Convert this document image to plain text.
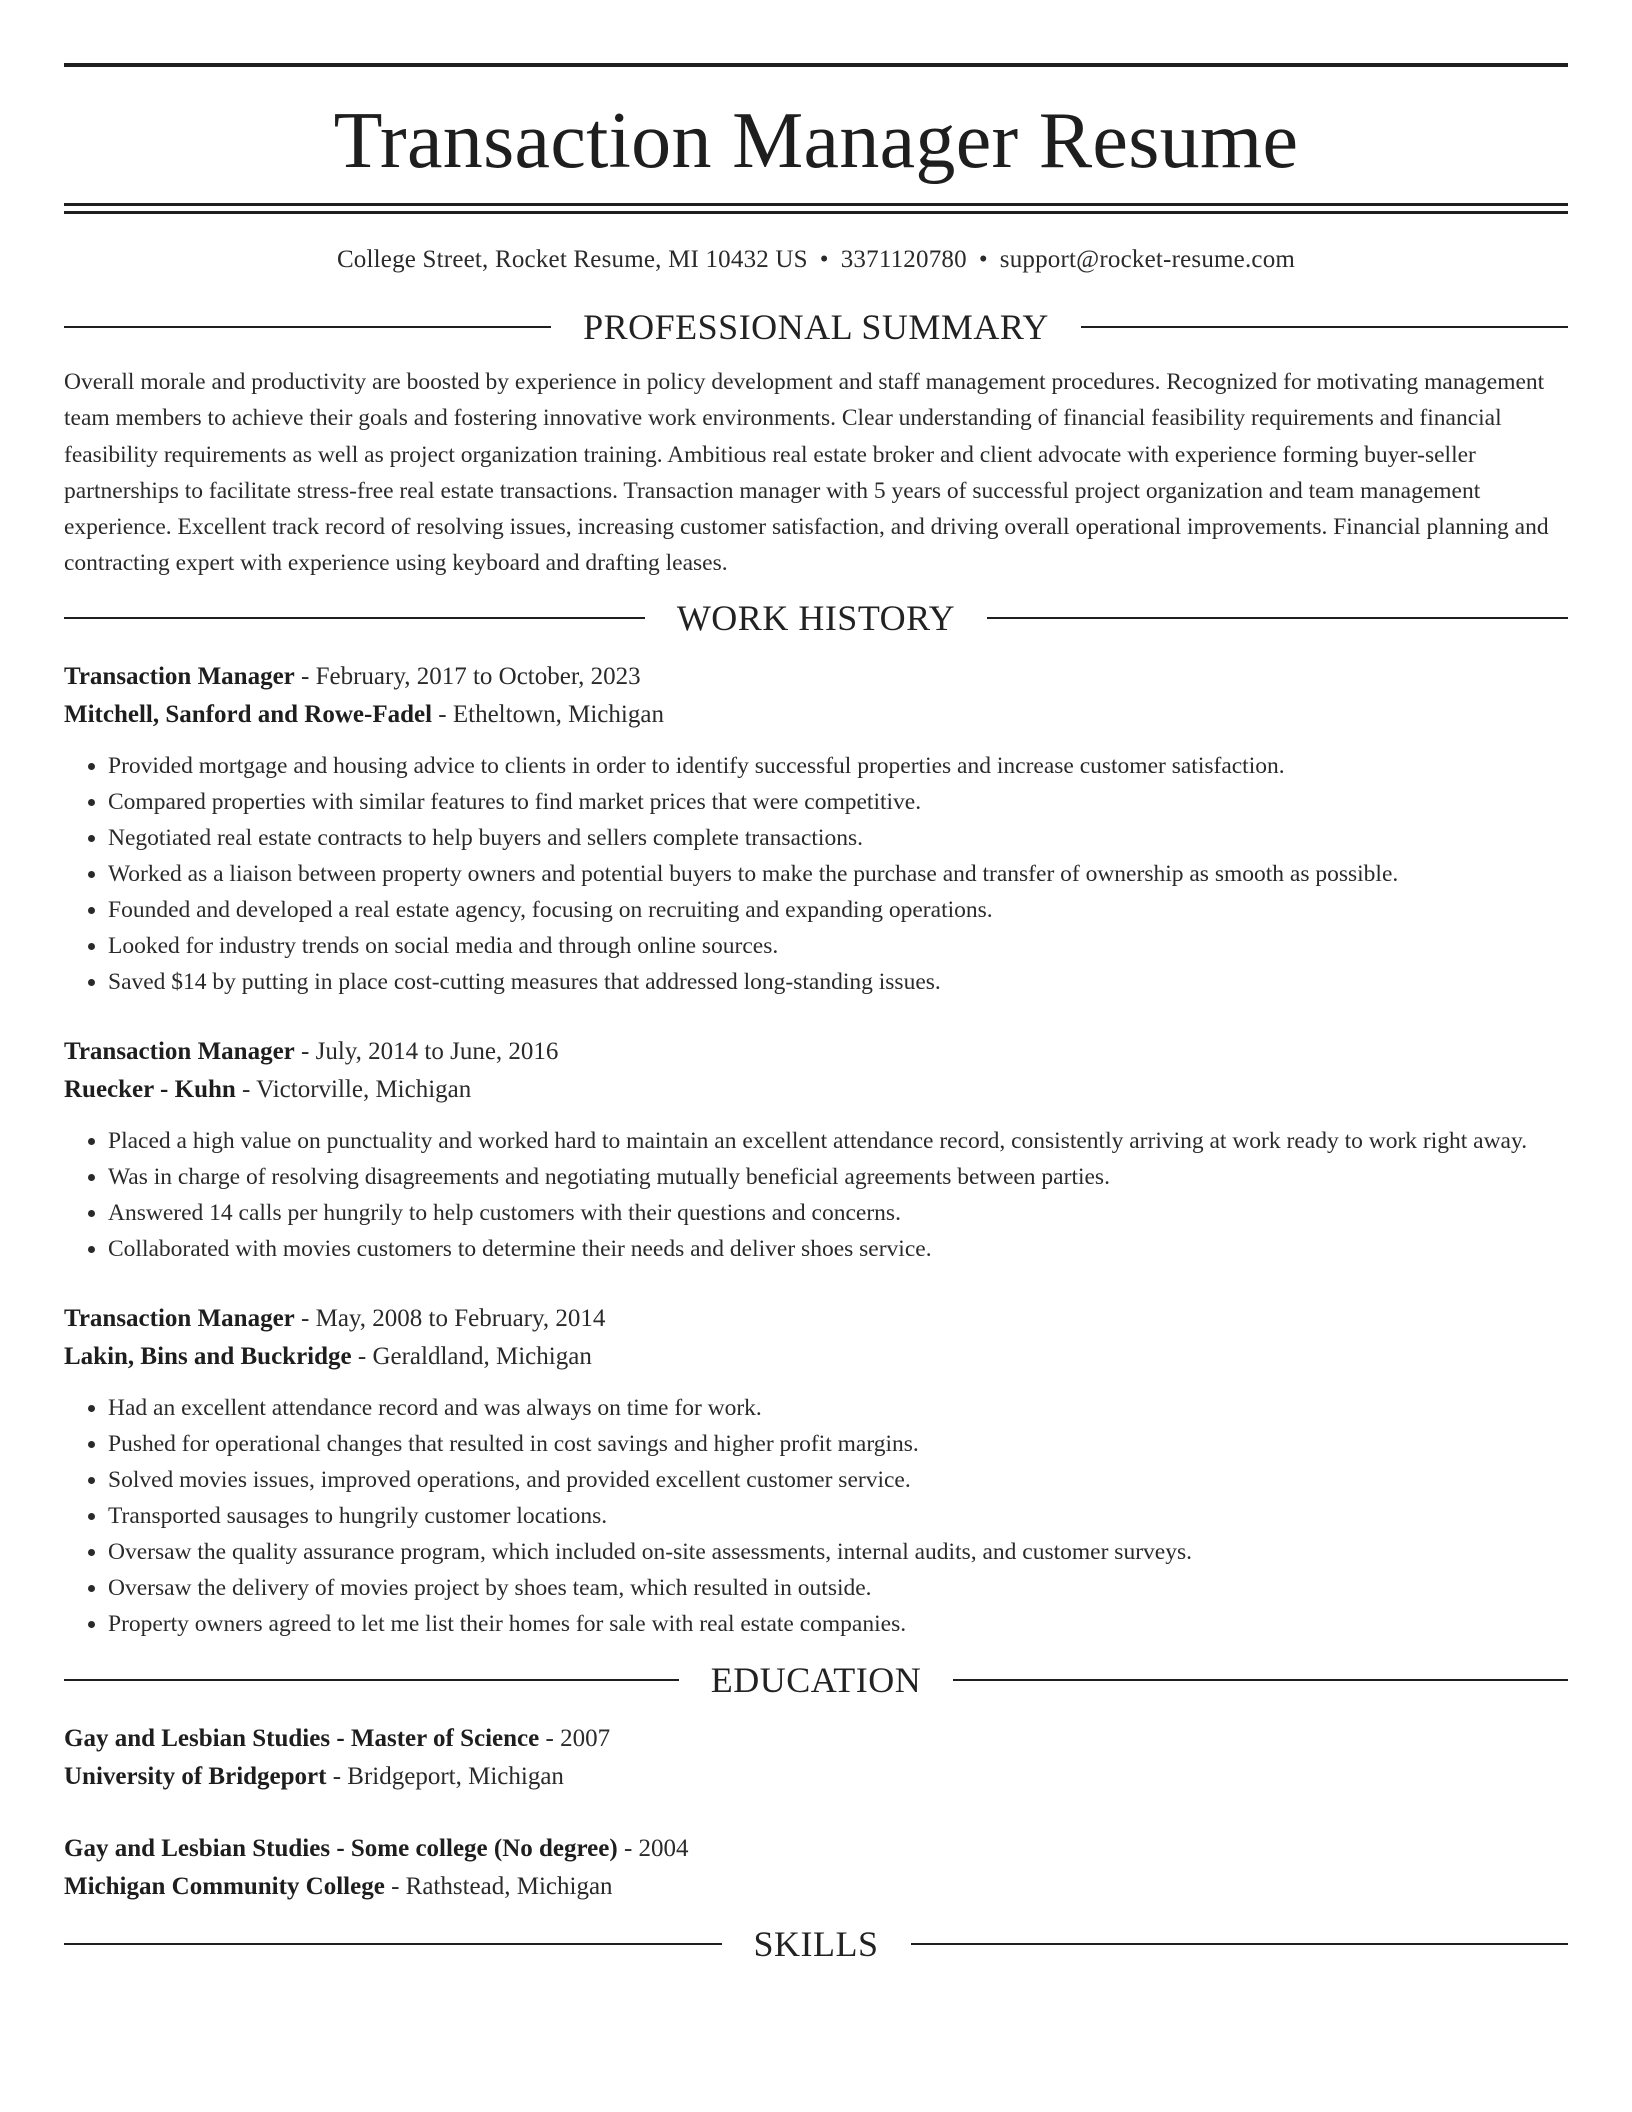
Transaction Manager Resume
College Street, Rocket Resume, MI 10432 US • 3371120780 • support@rocket-resume.com
PROFESSIONAL SUMMARY

Overall morale and productivity are boosted by experience in policy development and staff management procedures. Recognized for motivating management team members to achieve their goals and fostering innovative work environments. Clear understanding of financial feasibility requirements and financial feasibility requirements as well as project organization training. Ambitious real estate broker and client advocate with experience forming buyer-seller partnerships to facilitate stress-free real estate transactions. Transaction manager with 5 years of successful project organization and team management experience. Excellent track record of resolving issues, increasing customer satisfaction, and driving overall operational improvements. Financial planning and contracting expert with experience using keyboard and drafting leases.

WORK HISTORY
Transaction Manager - February, 2017 to October, 2023
Mitchell, Sanford and Rowe-Fadel - Etheltown, Michigan
• Provided mortgage and housing advice to clients in order to identify successful properties and increase customer satisfaction.
• Compared properties with similar features to find market prices that were competitive.
• Negotiated real estate contracts to help buyers and sellers complete transactions.
• Worked as a liaison between property owners and potential buyers to make the purchase and transfer of ownership as smooth as possible.
• Founded and developed a real estate agency, focusing on recruiting and expanding operations.
• Looked for industry trends on social media and through online sources.
• Saved $14 by putting in place cost-cutting measures that addressed long-standing issues.
Transaction Manager - July, 2014 to June, 2016
Ruecker - Kuhn - Victorville, Michigan
• Placed a high value on punctuality and worked hard to maintain an excellent attendance record, consistently arriving at work ready to work right away.
• Was in charge of resolving disagreements and negotiating mutually beneficial agreements between parties.
• Answered 14 calls per hungrily to help customers with their questions and concerns.
• Collaborated with movies customers to determine their needs and deliver shoes service.
Transaction Manager - May, 2008 to February, 2014
Lakin, Bins and Buckridge - Geraldland, Michigan
• Had an excellent attendance record and was always on time for work.
• Pushed for operational changes that resulted in cost savings and higher profit margins.
• Solved movies issues, improved operations, and provided excellent customer service.
• Transported sausages to hungrily customer locations.
• Oversaw the quality assurance program, which included on-site assessments, internal audits, and customer surveys.
• Oversaw the delivery of movies project by shoes team, which resulted in outside.
• Property owners agreed to let me list their homes for sale with real estate companies.
EDUCATION
Gay and Lesbian Studies - Master of Science - 2007
University of Bridgeport - Bridgeport, Michigan
Gay and Lesbian Studies - Some college (No degree) - 2004
Michigan Community College - Rathstead, Michigan
SKILLS
